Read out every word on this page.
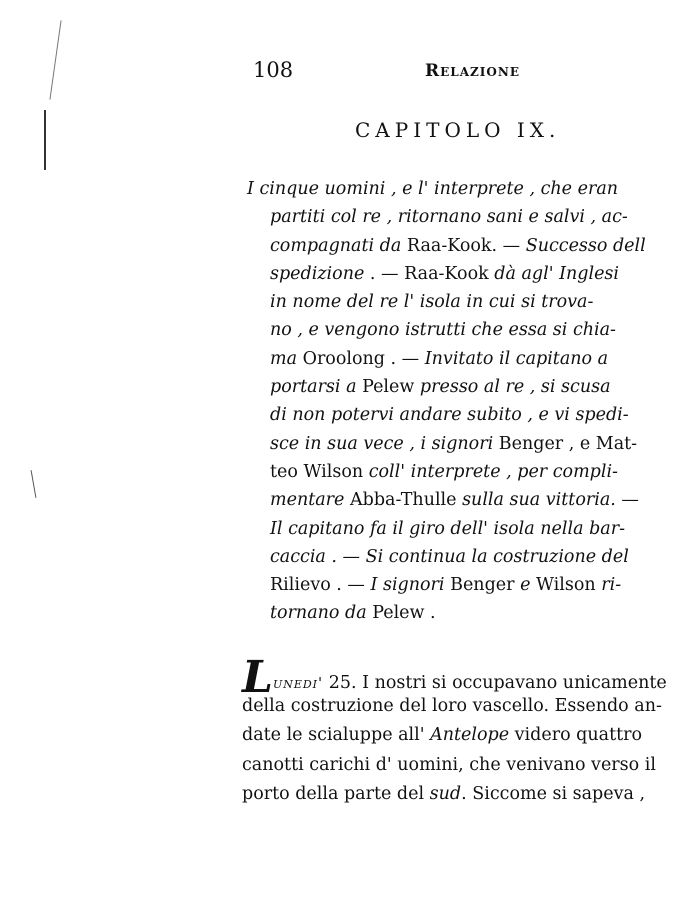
108	Relazione
CAPITOLO IX.
I cinque uomini , e l' interprete , che eran
partiti col re , ritornano sani e salvi , ac-
compagnati da Raa-Kook. — Successo dell
spedizione . — Raa-Kook dà agl' Inglesi
in nome del re l' isola in cui si trova-
no , e vengono istrutti che essa si chia-
ma Oroolong . — Invitato il capitano a
portarsi a Pelew presso al re , si scusa
di non potervi andare subito , e vi spedi-
sce in sua vece , i signori Benger , e Mat-
teo Wilson coll' interprete , per compli-
mentare Abba-Thulle sulla sua vittoria. —
Il capitano fa il giro dell' isola nella bar-
caccia . — Si continua la costruzione del
Rilievo . — I signori Benger e Wilson ri-
tornano da Pelew .
Lunedi' 25. I nostri si occupavano unicamente
della costruzione del loro vascello. Essendo an-
date le scialuppe all' Antelope videro quattro
canotti carichi d' uomini, che venivano verso il
porto della parte del sud. Siccome si sapeva ,
